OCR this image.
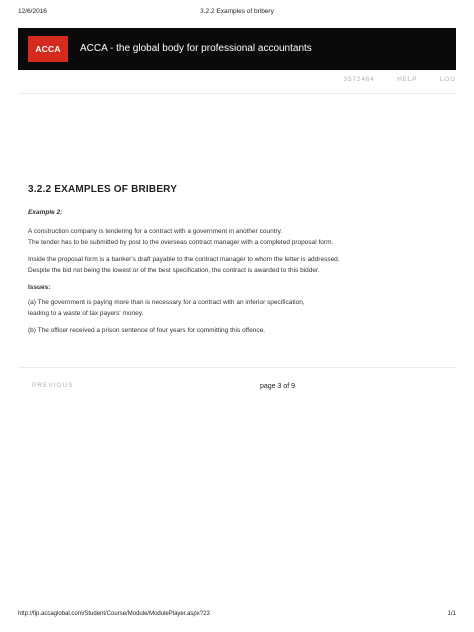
12/6/2016	3.2.2 Examples of bribery
ACCA	ACCA - the global body for professional accountants
3572464	HELP	LOG
3.2.2 EXAMPLES OF BRIBERY

Example 2:

A construction company is tendering for a contract with a government in another country.
The tender has to be submitted by post to the overseas contract manager with a completed proposal form.

Inside the proposal form is a banker's draft payable to the contract manager to whom the letter is addressed.
Despite the bid not being the lowest or of the best specification, the contract is awarded to this bidder.

Issues:

(a) The government is paying more than is necessary for a contract with an inferior specification,
leading to a waste of tax payers' money.

(b) The officer received a prison sentence of four years for committing this offence.

PREVIOUS	page 3 of 9
http://fip.accaglobal.com/Student/Course/Module/ModulePlayer.aspx?23	1/1
